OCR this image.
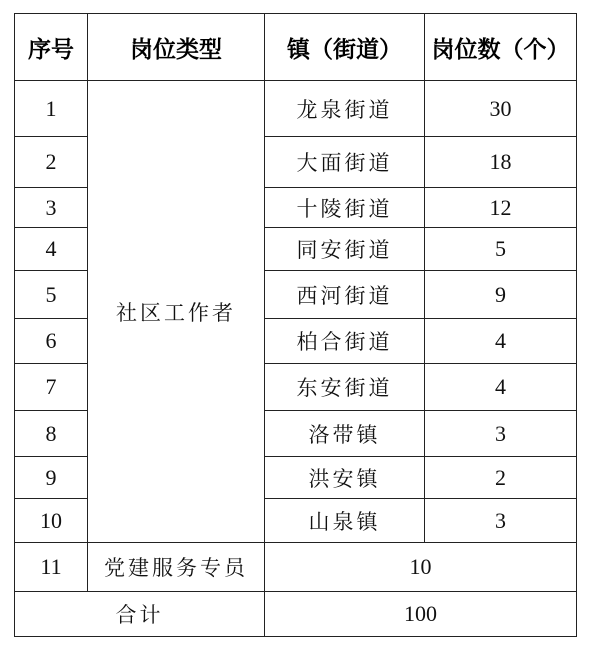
序号	岗位类型	镇（街道）	岗位数（个）
1	社区工作者	龙泉街道	30
2		大面街道	18
3		十陵街道	12
4		同安街道	5
5		西河街道	9
6		柏合街道	4
7		东安街道	4
8		洛带镇	3
9		洪安镇	2
10		山泉镇	3
11	党建服务专员	10	
合计		100	
